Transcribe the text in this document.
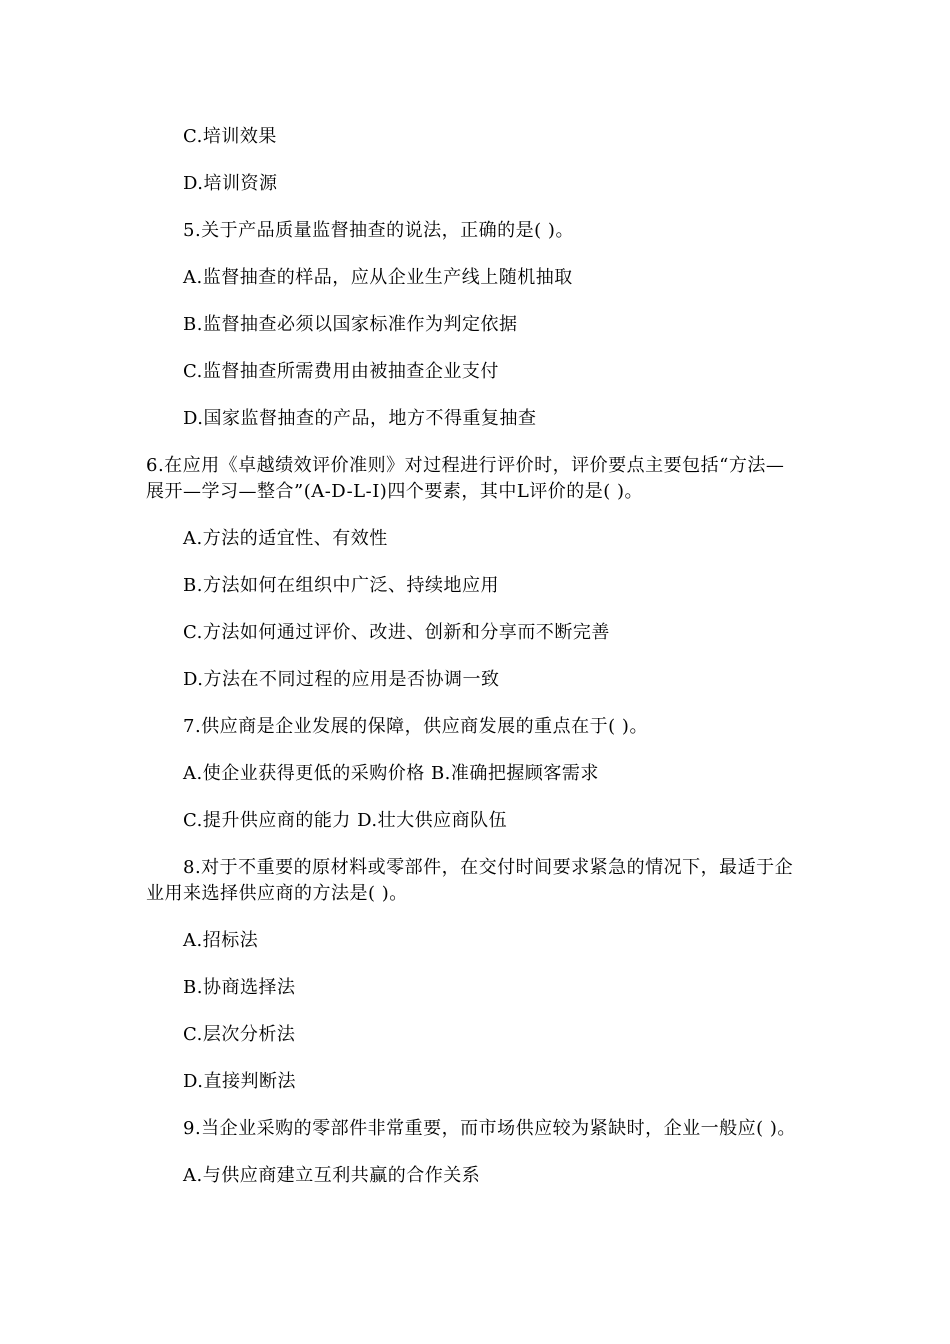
C.培训效果
D.培训资源
5.关于产品质量监督抽查的说法，正确的是( )。
A.监督抽查的样品，应从企业生产线上随机抽取
B.监督抽查必须以国家标准作为判定依据
C.监督抽查所需费用由被抽查企业支付
D.国家监督抽查的产品，地方不得重复抽查
6.在应用《卓越绩效评价准则》对过程进行评价时，评价要点主要包括“方法—
展开—学习—整合”(A-D-L-I)四个要素，其中L评价的是( )。
A.方法的适宜性、有效性
B.方法如何在组织中广泛、持续地应用
C.方法如何通过评价、改进、创新和分享而不断完善
D.方法在不同过程的应用是否协调一致
7.供应商是企业发展的保障，供应商发展的重点在于( )。
A.使企业获得更低的采购价格 B.准确把握顾客需求
C.提升供应商的能力 D.壮大供应商队伍
8.对于不重要的原材料或零部件，在交付时间要求紧急的情况下，最适于企
业用来选择供应商的方法是( )。
A.招标法
B.协商选择法
C.层次分析法
D.直接判断法
9.当企业采购的零部件非常重要，而市场供应较为紧缺时，企业一般应( )。
A.与供应商建立互利共赢的合作关系
